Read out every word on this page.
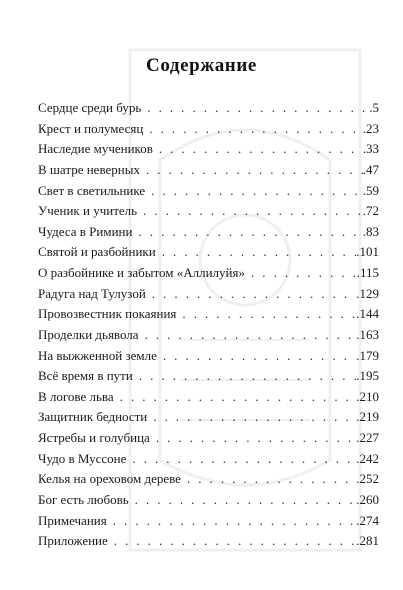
Содержание
Сердце среди бурь . . .	.5
Крест и полумесяц . . .	.23
Наследие мучеников . . .	.33
В шатре неверных . . .	.47
Свет в светильнике . . .	.59
Ученик и учитель . . .	.72
Чудеса в Римини . . .	.83
Святой и разбойники . . .	.101
О разбойнике и забытом «Аллилуйя» . . .	.115
Радуга над Тулузой . . .	.129
Провозвестник покаяния . . .	.144
Проделки дьявола . . .	.163
На выжженной земле . . .	.179
Всё время в пути . . .	.195
В логове льва . . .	.210
Защитник бедности . . .	.219
Ястребы и голубица . . .	.227
Чудо в Муссоне . . .	.242
Келья на ореховом дереве . . .	.252
Бог есть любовь . . .	.260
Примечания . . .	.274
Приложение . . .	.281
